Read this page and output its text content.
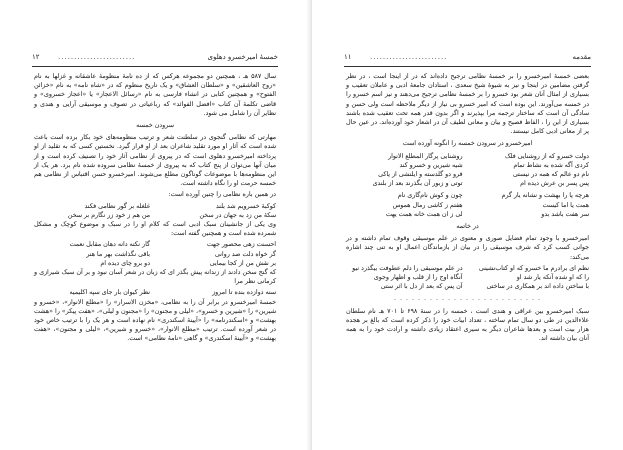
خمسهٔ امیرخسرو دهلوی
........................
۱۲

سال ۵۸۷ هـ ، همچنین دو مجموعه هرکس که از ده نامهٔ منظومهٔ عاشقانه و غزلها به نام «روح العاشقین» و «سلطان العشاق» و یک تاریخ منظوم که در «شاه نامه» به نام «خزائن الفتوح» و همچنین کتابی در انشاء فارسی به نام «رسائل الاعجاز» یا «اعجاز خسروی» و قاضی تکلمهٔ آن کتاب «افضل الفوائد» که رباعیاتی در تصوف و موسیقی آرایی و هندی و نظایر آن را شامل می شود.

سرودن خمسه

مهارتی که نظامی گنجوی در سلطنت شعر و ترتیب منظومه‌های خود بکار برده است باعث شده است که آثار او مورد تقلید شاعران بعد از او قرار گیرد. نخستین کسی که به تقلید از او پرداخته امیرخسرو دهلوی است که در پیروی از نظامی آثار خود را تصنیف کرده است و از میان آنها می‌توان از پنج کتاب که به پیروی از خمسهٔ نظامی سروده شده نام برد. هر یک از این منظومه‌ها با موضوعات گوناگون مطلع می‌شوند. امیرخسرو حسن اقتباس از نظامی هم خمسه حرمت او را نگاه داشته است.

در همین باره نظامی را چنین آورده است:

کوکبهٔ خسرویم شد بلند
غلغله بر گور نظامی فکند
سکهٔ من زد به جهان در سخن
من هم ز خود زر نگارم بر سخن

وی یکی از جانشینان سبک ادبی است که کلام او را در سبک و موضوع کوچک و مشکل شمرده شده است و همچنین گفته است:

احسنت زهی محصور جهت
گار نکته دانه دهان مقابل نعمت
گر خواه دلت صد روانی
باقی نگذاشت بهر ما هنر
بر نقش من از کجا بیمایی
دو برو چای دیده ام

که گنج سخن دادند از زندانه پیش بگذر ای که زبان در شعر آسان نبود و بر آن سبک شیرازی و کرمانی نظر مرا

سنه دوازده بنده تا امروز
نظر کیوان بار جای سپه اکلیمیه

خمسهٔ امیرخسرو در برابر آن را به نظامی، «مخزن الاسرار» را «مطلع الانوار»، «خسرو و شیرین» را «شیرین و خسرو»، «لیلی و مجنون» را «مجنون و لیلی»، «هفت پیکر» را «هشت بهشت» و «اسکندرنامه» را «آیینهٔ اسکندری» نام نهاده است و هر یک را با ترتیب خاص خود در شعر آورده است. ترتیب «مطلع الانوار»، «خسرو و شیرین»، «لیلی و مجنون»، «هفت بهشت» و «آیینهٔ اسکندری» و گاهی «نامهٔ نظامی» است.

مقدمه
........................
۱۱

بعضی خمسهٔ امیرخسرو را بر خمسهٔ نظامی ترجیح داده‌اند که در از اینجا است ، در نظر گرفتن مضامین در اینجا و نیز به شیوهٔ شیخ سعدی ، استادان جامعهٔ ادبی و عاملان تعقیب و بسیاری از امثال آنان شعر بود خسرو را بر خمسهٔ نظامی ترجیح می‌دهند و نیز اسم خسرو را در خمسه می‌آورند. این بوده است که امیر خسرو بی نیاز از دیگر ملاحظه است ولی حسن و سادگی آن است که ساختار ترجمه مرا بپذیرند و اگر بدون قدر همه تحت تعقیب شده باشند بسیاری از این را ، الفاظ فصیح و بیان و معانی لطیف آن در اشعار خود آورده‌اند. در عین حال پر از معانی ادبی کامل نیستند.

امیرخسرو در سرودن خمسه را انگونه آورده است

دولت خسرو که از روشنایی فلک
روشنایی پرگار المطلع الانوار
کردی آگه شده به نشاط تمام
شیه شیرین و خسرو کند
نام دو عالم که همه در نیستی
فرو دو گلدسته و ایلنشی از یاکی
پس پسر بن عرش دیده ام
توتی و زبور آن بگذرند بعد از بلندی
هرچه پا را بهشت و نشانه یار گرم
چون و کوش نام‌گاری نام
همت یا اما کیست
هفتم ز کاشی رمال هموس
سر هفت باشد بدو
لی ز ان همت خانه همت یهت

در خاتمه

امیرخسرو با وجود تمام فضایل صوری و معنوی در علم موسیقی وقوف تمام داشته و در جوانی کسب کرد که شرف موسیقی را در بیان از بازماندگان اعمال او به تنی چند اشاره می‌کند:

نظم‌ ای‌ برادرم ما خسرو که او کتاب‌نشینی
در علم موسیقی‌ را دلم عطوفت بیگذرد نیو
را که او شده آنکه یار شد او
آنگاه اوج را از قلب و اظهار وجوی
با ساختن داده اند بر همکاری در ساختی
آن پس که بعد از دل با اثر ستی

. . . . . . . . . . . . . . . . . . . . . . . . .

سبک امیرخسرو بین عراقی و هندی است ، خمسه را در سنهٔ ۶۹۸ تا ۷۰۱ هـ نام سلطان علاءالدین در طی دو سال تمام ساخته ، تعداد ابیات خود را ذکر کرده است که بالغ بر هجده هزار بیت است و بعدها شاعران دیگر به سیری اعتقاد زیادی داشته و ارادت خود را به همه آنان بیان داشته اند.
